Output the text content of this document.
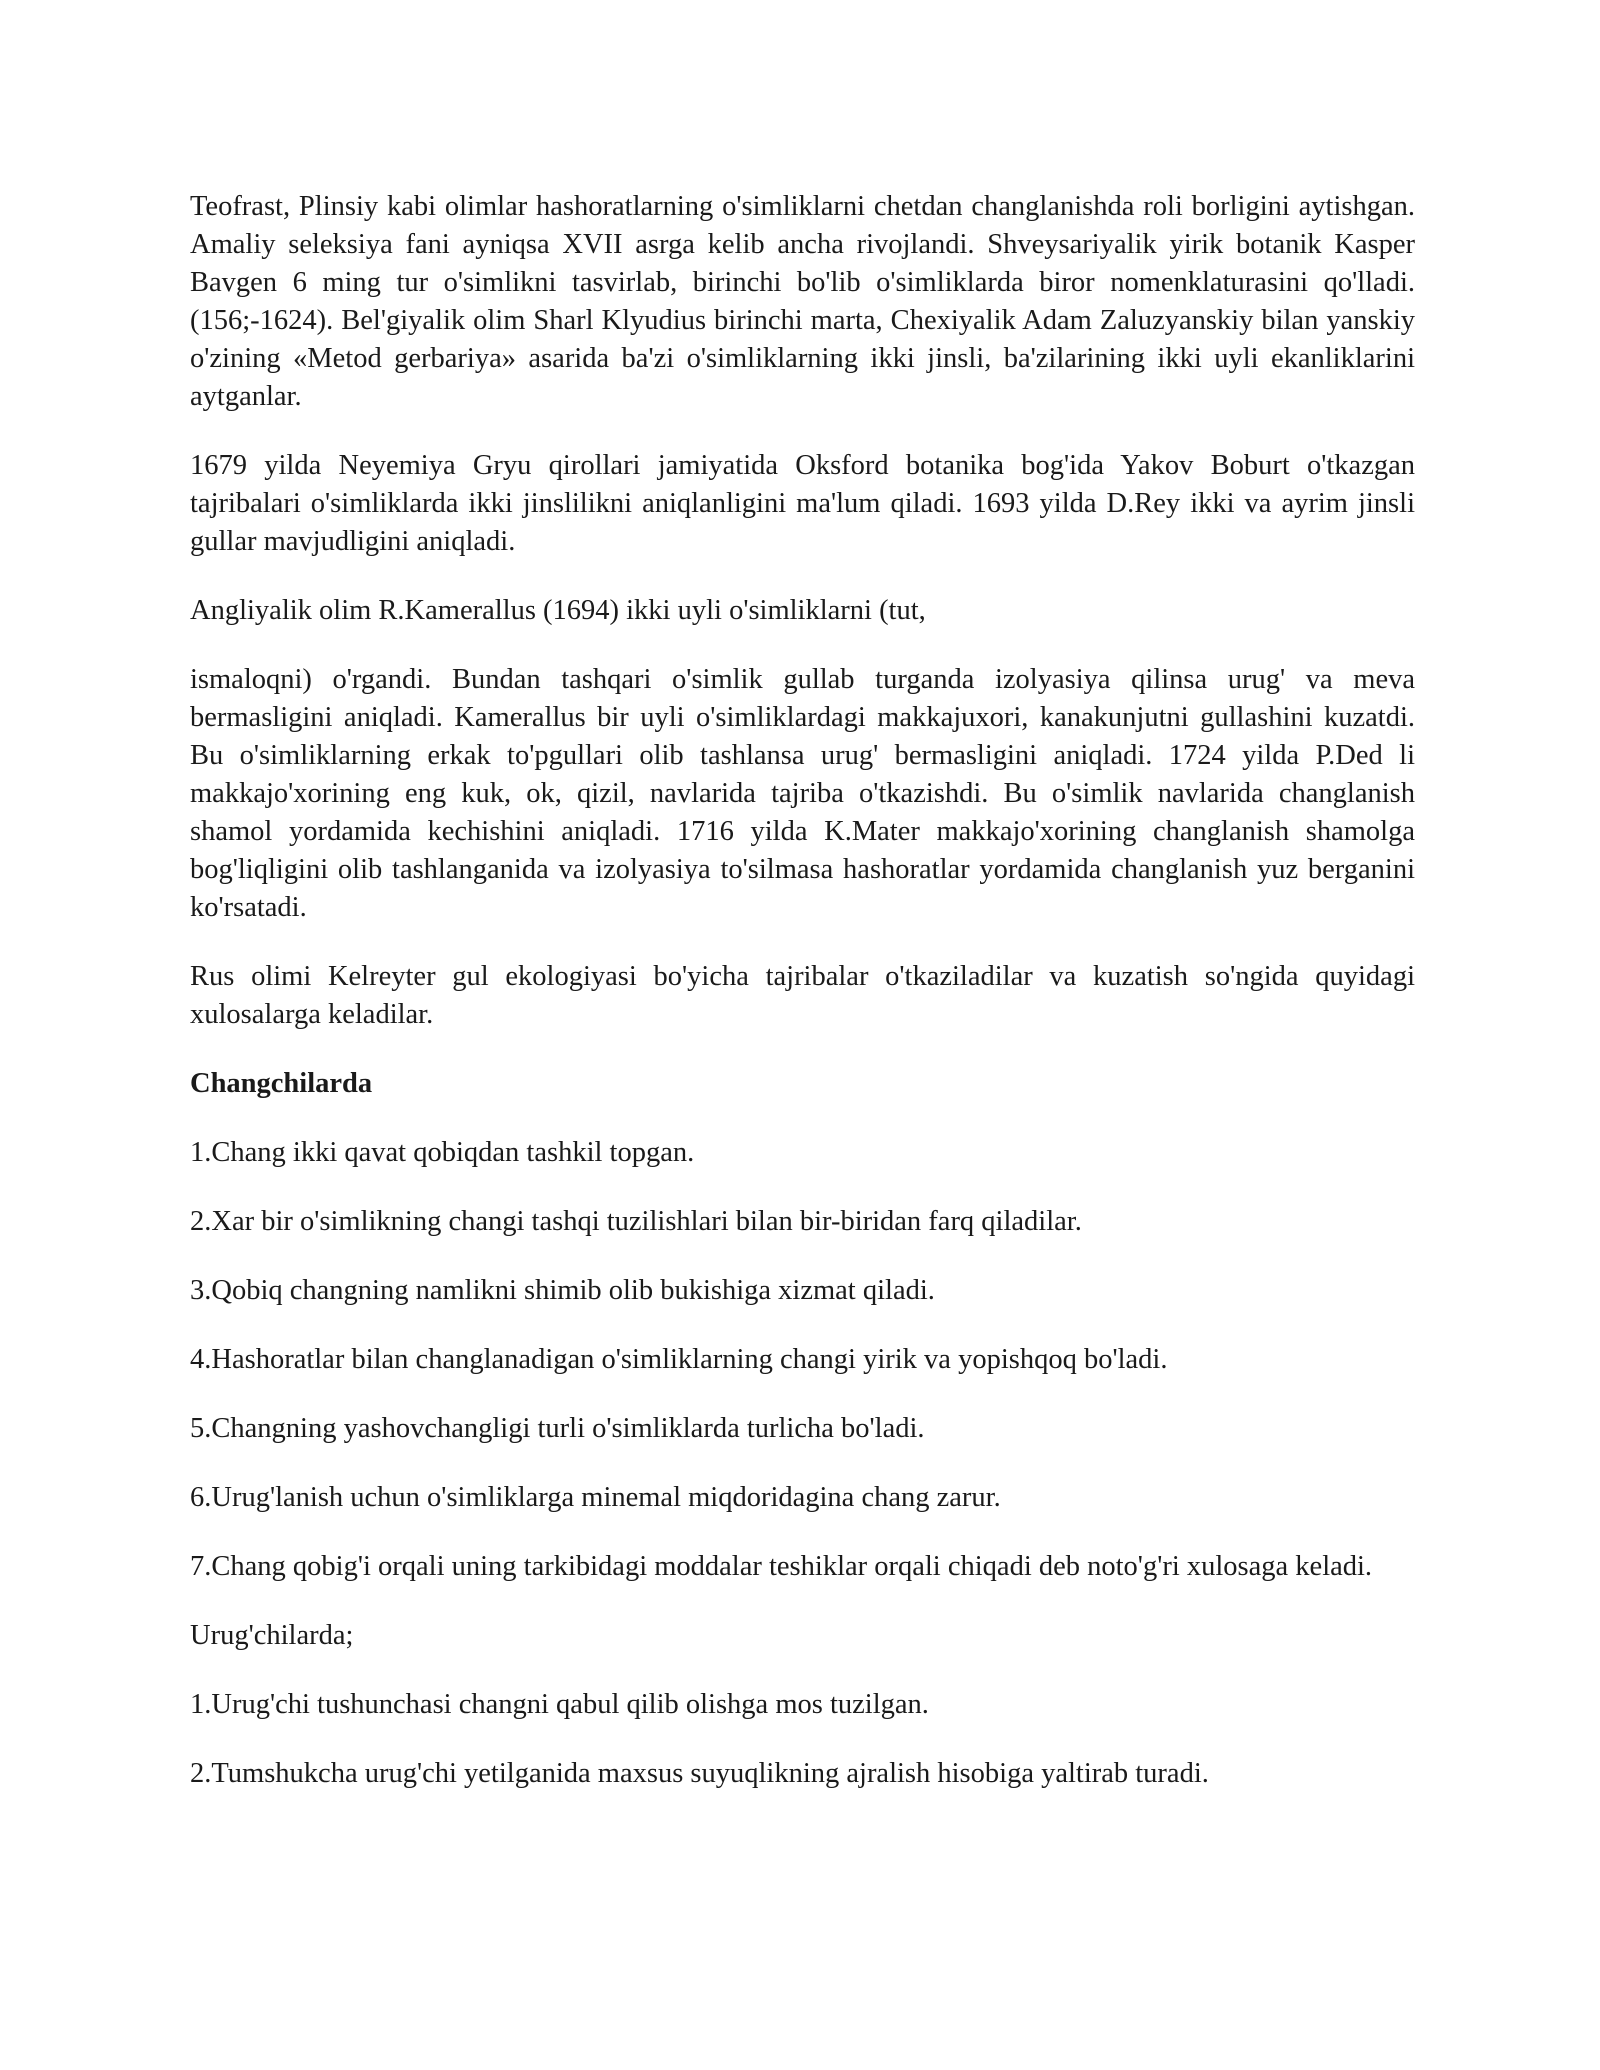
Teofrast, Plinsiy kabi olimlar hashoratlarning o'simliklarni chetdan changlanishda roli borligini aytishgan. Amaliy seleksiya fani ayniqsa XVII asrga kelib ancha rivojlandi. Shveysariyalik yirik botanik Kasper Bavgen 6 ming tur o'simlikni tasvirlab, birinchi bo'lib o'simliklarda biror nomenklaturasini qo'lladi.(156;-1624). Bel'giyalik olim Sharl Klyudius birinchi marta, Chexiyalik Adam Zaluzyanskiy bilan yanskiy o'zining «Metod gerbariya» asarida ba'zi o'simliklarning ikki jinsli, ba'zilarining ikki uyli ekanliklarini aytganlar.

1679 yilda Neyemiya Gryu qirollari jamiyatida Oksford botanika bog'ida Yakov Boburt o'tkazgan tajribalari o'simliklarda ikki jinslilikni aniqlanligini ma'lum qiladi. 1693 yilda D.Rey ikki va ayrim jinsli gullar mavjudligini aniqladi.

Angliyalik olim R.Kamerallus (1694) ikki uyli o'simliklarni (tut,

ismaloqni) o'rgandi. Bundan tashqari o'simlik gullab turganda izolyasiya qilinsa urug' va meva bermasligini aniqladi. Kamerallus bir uyli o'simliklardagi makkajuxori, kanakunjutni gullashini kuzatdi. Bu o'simliklarning erkak to'pgullari olib tashlansa urug' bermasligini aniqladi. 1724 yilda P.Ded li makkajo'xorining eng kuk, ok, qizil, navlarida tajriba o'tkazishdi. Bu o'simlik navlarida changlanish shamol yordamida kechishini aniqladi. 1716 yilda K.Mater makkajo'xorining changlanish shamolga bog'liqligini olib tashlanganida va izolyasiya to'silmasa hashoratlar yordamida changlanish yuz berganini ko'rsatadi.

Rus olimi Kelreyter gul ekologiyasi bo'yicha tajribalar o'tkaziladilar va kuzatish so'ngida quyidagi xulosalarga keladilar.

Changchilarda

1.Chang ikki qavat qobiqdan tashkil topgan.

2.Xar bir o'simlikning changi tashqi tuzilishlari bilan bir-biridan farq qiladilar.

3.Qobiq changning namlikni shimib olib bukishiga xizmat qiladi.

4.Hashoratlar bilan changlanadigan o'simliklarning changi yirik va yopishqoq bo'ladi.

5.Changning yashovchangligi turli o'simliklarda turlicha bo'ladi.

6.Urug'lanish uchun o'simliklarga minemal miqdoridagina chang zarur.

7.Chang qobig'i orqali uning tarkibidagi moddalar teshiklar orqali chiqadi deb noto'g'ri xulosaga keladi.

Urug'chilarda;

1.Urug'chi tushunchasi changni qabul qilib olishga mos tuzilgan.

2.Tumshukcha urug'chi yetilganida maxsus suyuqlikning ajralish hisobiga yaltirab turadi.
